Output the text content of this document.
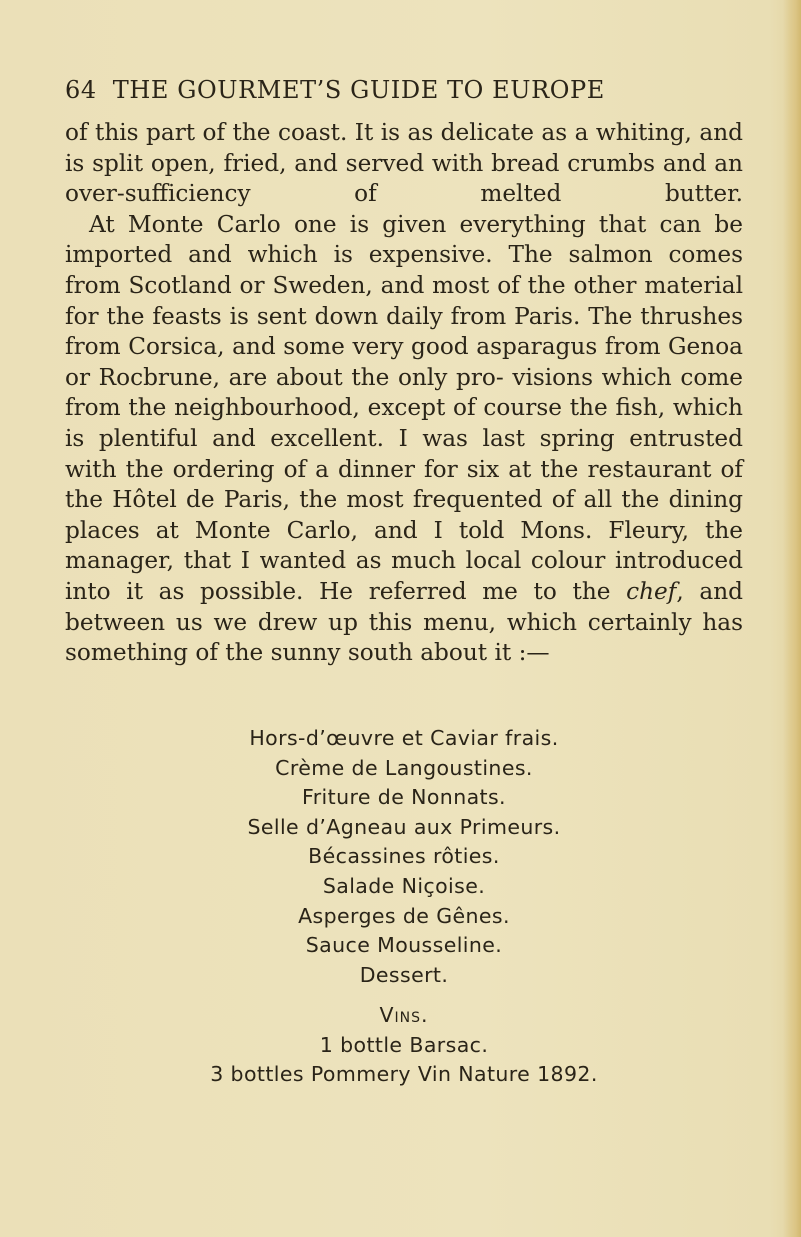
64 THE GOURMET’S GUIDE TO EUROPE

of this part of the coast. It is as delicate as a whiting, and is split open, fried, and served with bread crumbs and an over-sufficiency of melted butter.

At Monte Carlo one is given everything that can be imported and which is expensive. The salmon comes from Scotland or Sweden, and most of the other material for the feasts is sent down daily from Paris. The thrushes from Corsica, and some very good asparagus from Genoa or Rocbrune, are about the only pro- visions which come from the neighbourhood, except of course the fish, which is plentiful and excellent. I was last spring entrusted with the ordering of a dinner for six at the restaurant of the Hôtel de Paris, the most frequented of all the dining places at Monte Carlo, and I told Mons. Fleury, the manager, that I wanted as much local colour introduced into it as possible. He referred me to the chef, and between us we drew up this menu, which certainly has something of the sunny south about it :—

Hors-d’œuvre et Caviar frais.
Crème de Langoustines.
Friture de Nonnats.
Selle d’Agneau aux Primeurs.
Bécassines rôties.
Salade Niçoise.
Asperges de Gênes.
Sauce Mousseline.
Dessert.
Vins.
1 bottle Barsac.
3 bottles Pommery Vin Nature 1892.
